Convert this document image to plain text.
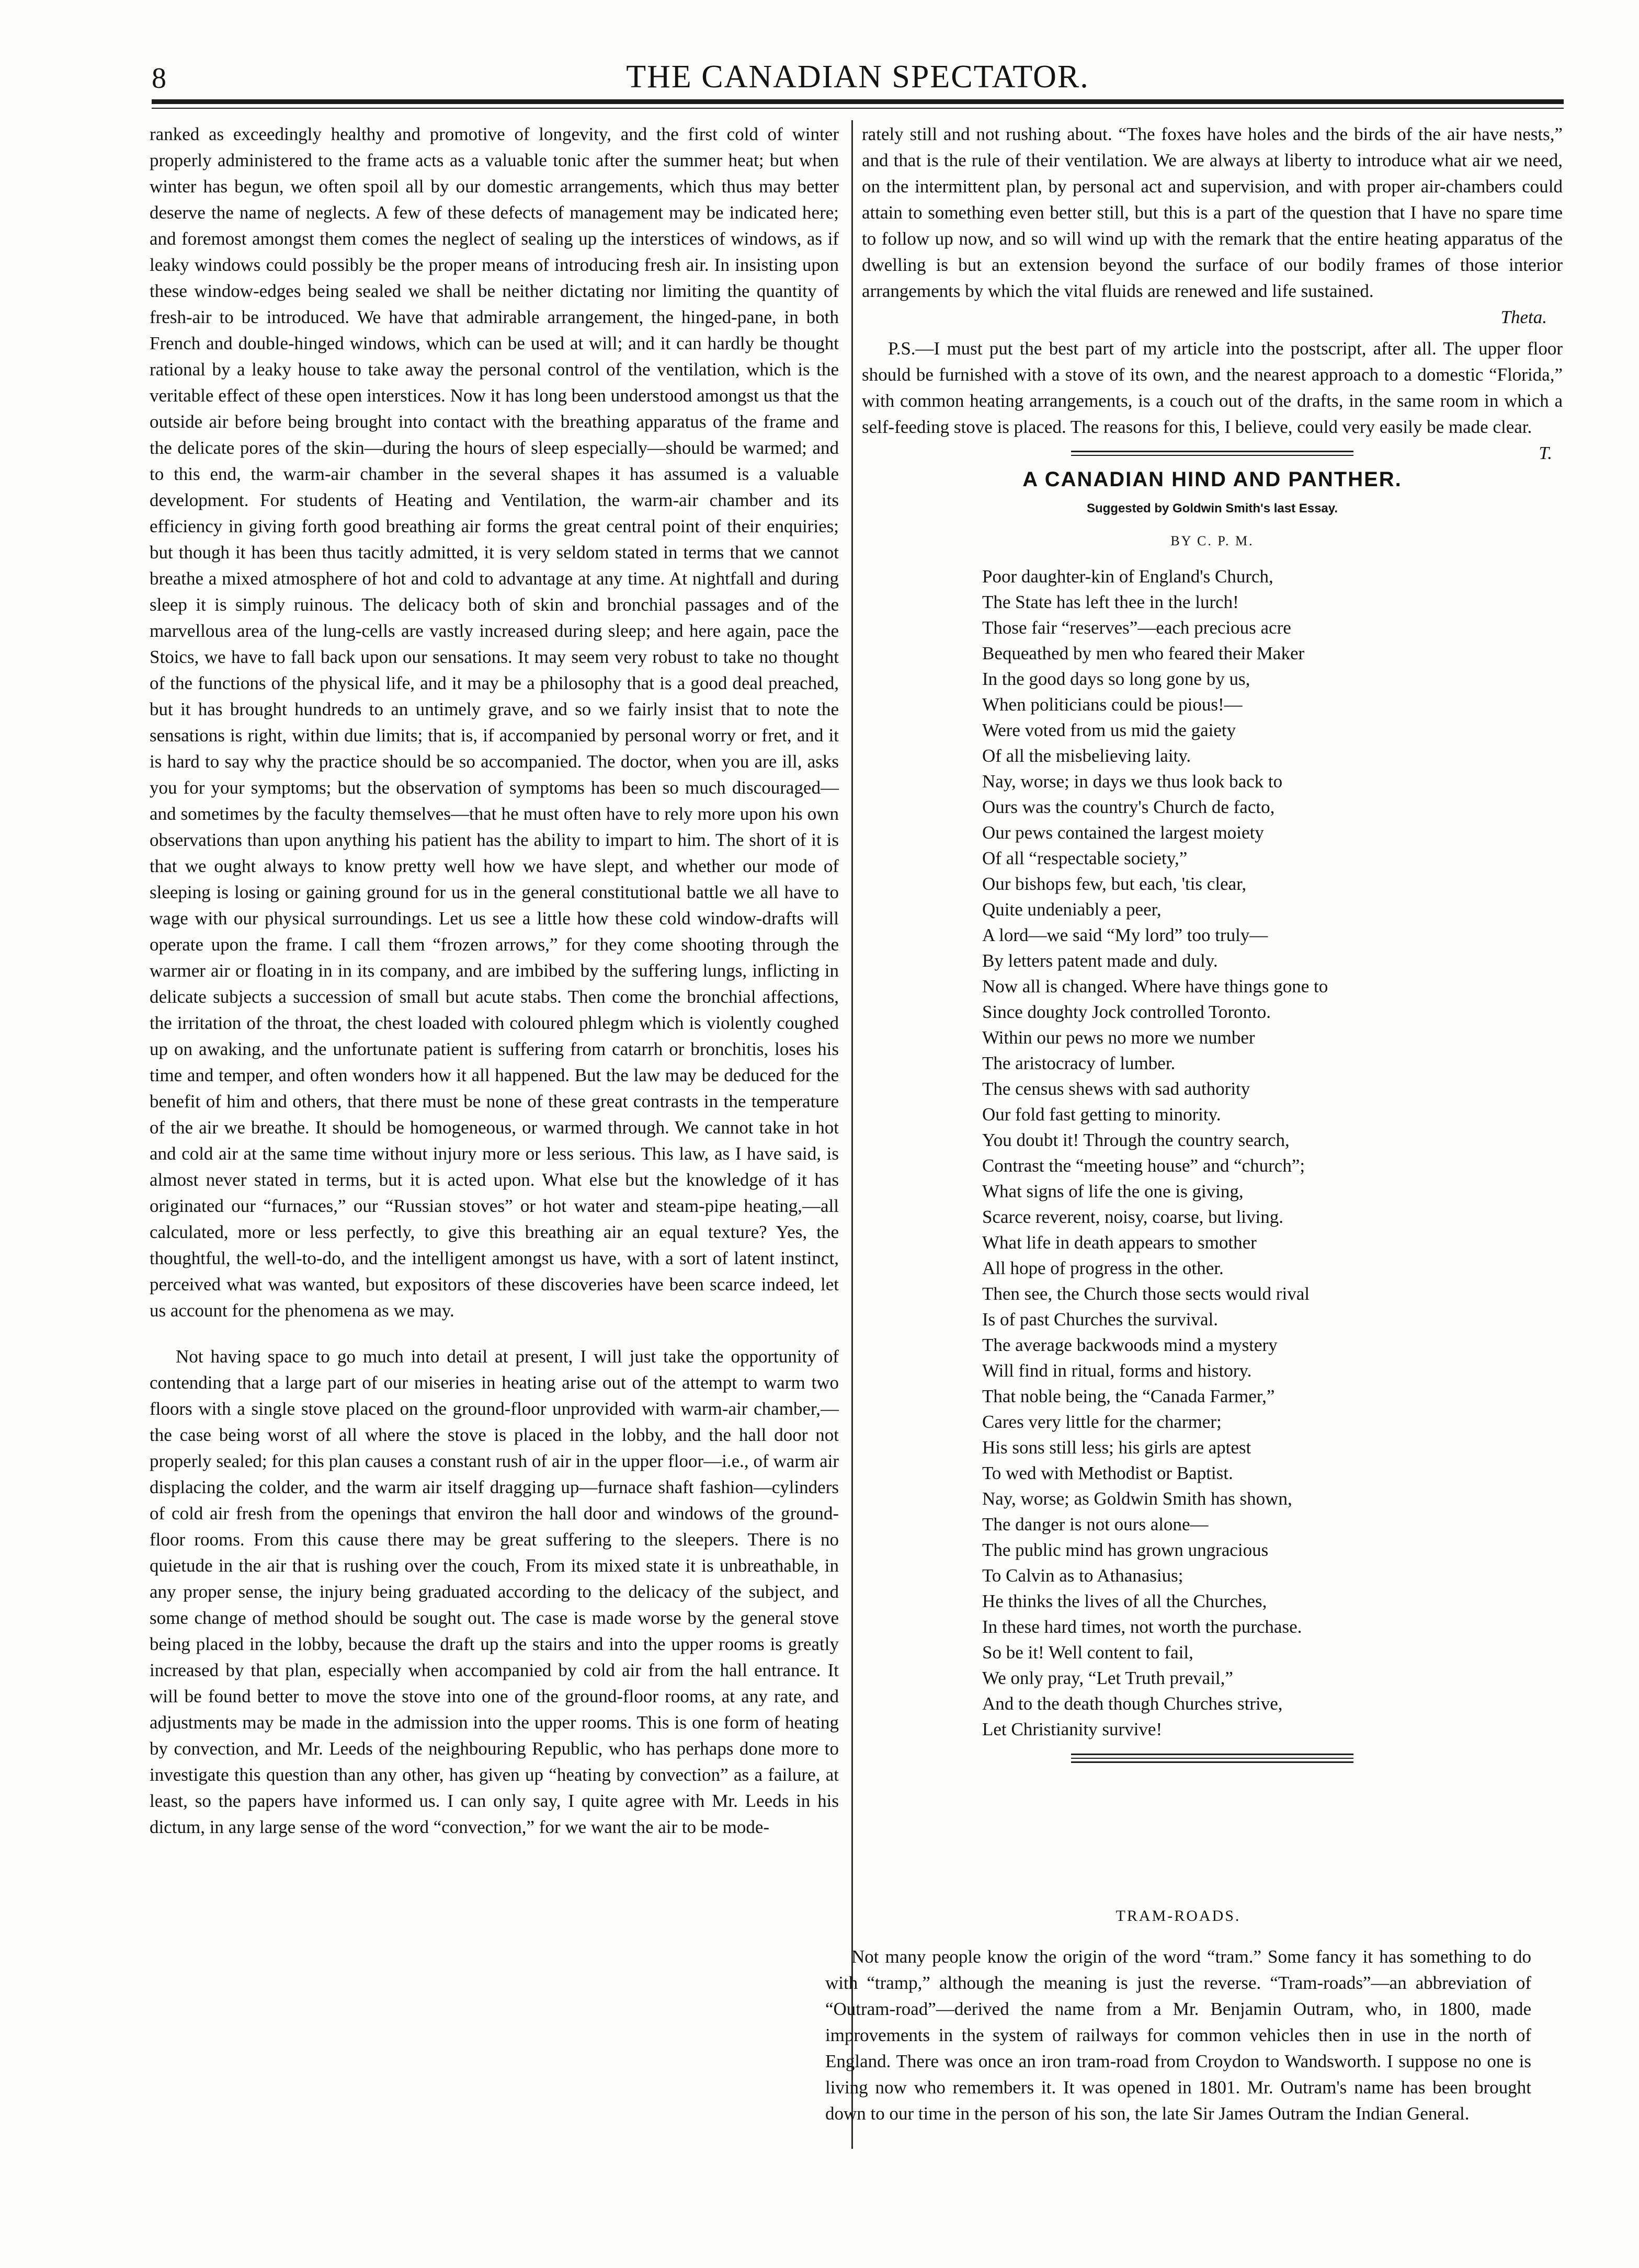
8	THE CANADIAN SPECTATOR.

ranked as exceedingly healthy and promotive of longevity, and the first cold of winter properly administered to the frame acts as a valuable tonic after the summer heat; but when winter has begun, we often spoil all by our domestic arrangements, which thus may better deserve the name of neglects. A few of these defects of management may be indicated here; and foremost amongst them comes the neglect of sealing up the interstices of windows, as if leaky windows could possibly be the proper means of introducing fresh air. In insisting upon these window-edges being sealed we shall be neither dictating nor limiting the quantity of fresh-air to be introduced. We have that admirable arrangement, the hinged-pane, in both French and double-hinged windows, which can be used at will; and it can hardly be thought rational by a leaky house to take away the personal control of the ventilation, which is the veritable effect of these open interstices. Now it has long been understood amongst us that the outside air before being brought into contact with the breathing apparatus of the frame and the delicate pores of the skin—during the hours of sleep especially—should be warmed; and to this end, the warm-air chamber in the several shapes it has assumed is a valuable development. For students of Heating and Ventilation, the warm-air chamber and its efficiency in giving forth good breathing air forms the great central point of their enquiries; but though it has been thus tacitly admitted, it is very seldom stated in terms that we cannot breathe a mixed atmosphere of hot and cold to advantage at any time. At nightfall and during sleep it is simply ruinous. The delicacy both of skin and bronchial passages and of the marvellous area of the lung-cells are vastly increased during sleep; and here again, pace the Stoics, we have to fall back upon our sensations. It may seem very robust to take no thought of the functions of the physical life, and it may be a philosophy that is a good deal preached, but it has brought hundreds to an untimely grave, and so we fairly insist that to note the sensations is right, within due limits; that is, if accompanied by personal worry or fret, and it is hard to say why the practice should be so accompanied. The doctor, when you are ill, asks you for your symptoms; but the observation of symptoms has been so much discouraged—and sometimes by the faculty themselves—that he must often have to rely more upon his own observations than upon anything his patient has the ability to impart to him. The short of it is that we ought always to know pretty well how we have slept, and whether our mode of sleeping is losing or gaining ground for us in the general constitutional battle we all have to wage with our physical surroundings. Let us see a little how these cold window-drafts will operate upon the frame. I call them “frozen arrows,” for they come shooting through the warmer air or floating in in its company, and are imbibed by the suffering lungs, inflicting in delicate subjects a succession of small but acute stabs. Then come the bronchial affections, the irritation of the throat, the chest loaded with coloured phlegm which is violently coughed up on awaking, and the unfortunate patient is suffering from catarrh or bronchitis, loses his time and temper, and often wonders how it all happened. But the law may be deduced for the benefit of him and others, that there must be none of these great contrasts in the temperature of the air we breathe. It should be homogeneous, or warmed through. We cannot take in hot and cold air at the same time without injury more or less serious. This law, as I have said, is almost never stated in terms, but it is acted upon. What else but the knowledge of it has originated our “furnaces,” our “Russian stoves” or hot water and steam-pipe heating,—all calculated, more or less perfectly, to give this breathing air an equal texture? Yes, the thoughtful, the well-to-do, and the intelligent amongst us have, with a sort of latent instinct, perceived what was wanted, but expositors of these discoveries have been scarce indeed, let us account for the phenomena as we may.

Not having space to go much into detail at present, I will just take the opportunity of contending that a large part of our miseries in heating arise out of the attempt to warm two floors with a single stove placed on the ground-floor unprovided with warm-air chamber,—the case being worst of all where the stove is placed in the lobby, and the hall door not properly sealed; for this plan causes a constant rush of air in the upper floor—i.e., of warm air displacing the colder, and the warm air itself dragging up—furnace shaft fashion—cylinders of cold air fresh from the openings that environ the hall door and windows of the ground-floor rooms. From this cause there may be great suffering to the sleepers. There is no quietude in the air that is rushing over the couch, From its mixed state it is unbreathable, in any proper sense, the injury being graduated according to the delicacy of the subject, and some change of method should be sought out. The case is made worse by the general stove being placed in the lobby, because the draft up the stairs and into the upper rooms is greatly increased by that plan, especially when accompanied by cold air from the hall entrance. It will be found better to move the stove into one of the ground-floor rooms, at any rate, and adjustments may be made in the admission into the upper rooms. This is one form of heating by convection, and Mr. Leeds of the neighbouring Republic, who has perhaps done more to investigate this question than any other, has given up “heating by convection” as a failure, at least, so the papers have informed us. I can only say, I quite agree with Mr. Leeds in his dictum, in any large sense of the word “convection,” for we want the air to be mode-

rately still and not rushing about. “The foxes have holes and the birds of the air have nests,” and that is the rule of their ventilation. We are always at liberty to introduce what air we need, on the intermittent plan, by personal act and supervision, and with proper air-chambers could attain to something even better still, but this is a part of the question that I have no spare time to follow up now, and so will wind up with the remark that the entire heating apparatus of the dwelling is but an extension beyond the surface of our bodily frames of those interior arrangements by which the vital fluids are renewed and life sustained.

Theta.

P.S.—I must put the best part of my article into the postscript, after all. The upper floor should be furnished with a stove of its own, and the nearest approach to a domestic “Florida,” with common heating arrangements, is a couch out of the drafts, in the same room in which a self-feeding stove is placed. The reasons for this, I believe, could very easily be made clear.

T.

A CANADIAN HIND AND PANTHER.
Suggested by Goldwin Smith's last Essay.
BY C. P. M.
Poor daughter-kin of England's Church,
The State has left thee in the lurch!
Those fair “reserves”—each precious acre
Bequeathed by men who feared their Maker
In the good days so long gone by us,
When politicians could be pious!—
Were voted from us mid the gaiety
Of all the misbelieving laity.
Nay, worse; in days we thus look back to
Ours was the country's Church de facto,
Our pews contained the largest moiety
Of all “respectable society,”
Our bishops few, but each, 'tis clear,
Quite undeniably a peer,
A lord—we said “My lord” too truly—
By letters patent made and duly.
Now all is changed. Where have things gone to
Since doughty Jock controlled Toronto.
Within our pews no more we number
The aristocracy of lumber.
The census shews with sad authority
Our fold fast getting to minority.
You doubt it! Through the country search,
Contrast the “meeting house” and “church”;
What signs of life the one is giving,
Scarce reverent, noisy, coarse, but living.
What life in death appears to smother
All hope of progress in the other.
Then see, the Church those sects would rival
Is of past Churches the survival.
The average backwoods mind a mystery
Will find in ritual, forms and history.
That noble being, the “Canada Farmer,”
Cares very little for the charmer;
His sons still less; his girls are aptest
To wed with Methodist or Baptist.
Nay, worse; as Goldwin Smith has shown,
The danger is not ours alone—
The public mind has grown ungracious
To Calvin as to Athanasius;
He thinks the lives of all the Churches,
In these hard times, not worth the purchase.
So be it! Well content to fail,
We only pray, “Let Truth prevail,”
And to the death though Churches strive,
Let Christianity survive!
TRAM-ROADS.

Not many people know the origin of the word “tram.” Some fancy it has something to do with “tramp,” although the meaning is just the reverse. “Tram-roads”—an abbreviation of “Outram-road”—derived the name from a Mr. Benjamin Outram, who, in 1800, made improvements in the system of railways for common vehicles then in use in the north of England. There was once an iron tram-road from Croydon to Wandsworth. I suppose no one is living now who remembers it. It was opened in 1801. Mr. Outram's name has been brought down to our time in the person of his son, the late Sir James Outram the Indian General.
